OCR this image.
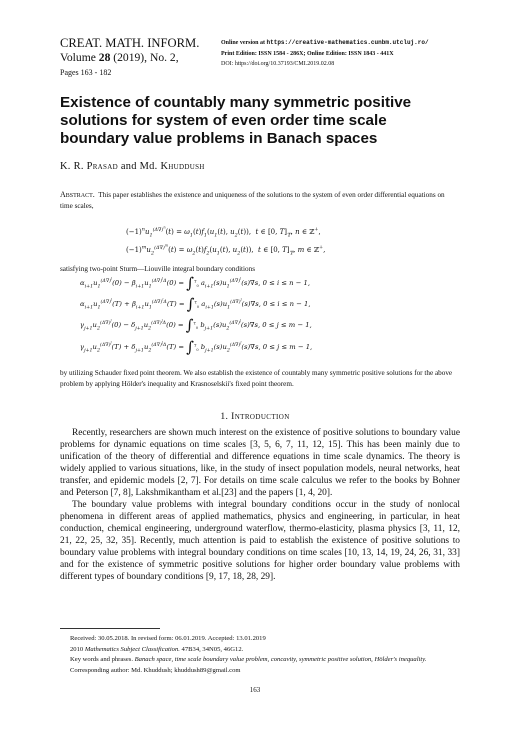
CREAT. MATH. INFORM.
Volume 28 (2019), No. 2,
Pages 163 - 182
Online version at https://creative-mathematics.cunbm.utcluj.ro/
Print Edition: ISSN 1584 - 286X; Online Edition: ISSN 1843 - 441X
DOI: https://doi.org/10.37193/CMI.2019.02.08
Existence of countably many symmetric positive solutions for system of even order time scale boundary value problems in Banach spaces
K. R. Prasad and Md. Khuddush
Abstract. This paper establishes the existence and uniqueness of the solutions to the system of even order differential equations on time scales,
$(-1)^nu_1^{(\Delta\nabla)^n}(t) = \omega_1(t)f_1(u_1(t)$, $u_2(t)$),  t ∈ [0, $T]_𝕋$, n ∈ ℤ+,
$(-1)^mu_2^{(\Delta\nabla)^m}(t) = \omega_2(t)f_2(u_1(t)$, $u_2(t)$),  t ∈ [0, $T]_𝕋$, m ∈ ℤ+,
satisfying two-point Sturm—Liouville integral boundary conditions
$\alpha_{i+1}u_1^{(\Delta\nabla)^i}(0) - \beta_{i+1}u_1^{(\Delta\nabla)^i\Delta}(0) = \int^T_0$ $a_{i+1}(s)u_1^{(\Delta\nabla)^i}(s)\nabla s$, 0 ≤ i ≤ n − 1,
$\alpha_{i+1}u_1^{(\Delta\nabla)^i}(T) + \beta_{i+1}u_1^{(\Delta\nabla)^i\Delta}(T) = \int^T_0$ $a_{i+1}(s)u_1^{(\Delta\nabla)^i}(s)\nabla s$, 0 ≤ i ≤ n − 1,
$\gamma_{j+1}u_2^{(\Delta\nabla)^j}(0) - \delta_{j+1}u_2^{(\Delta\nabla)^j\Delta}(0) = \int^T_0$ $b_{j+1}(s)u_2^{(\Delta\nabla)^j}(s)\nabla s$, 0 ≤ j ≤ m − 1,
$\gamma_{j+1}u_2^{(\Delta\nabla)^j}(T) + \delta_{j+1}u_2^{(\Delta\nabla)^j\Delta}(T) = \int^T_0$ $b_{j+1}(s)u_2^{(\Delta\nabla)^j}(s)\nabla s$, 0 ≤ j ≤ m − 1,
by utilizing Schauder fixed point theorem. We also establish the existence of countably many symmetric positive solutions for the above problem by applying Hölder's inequality and Krasnoselskii's fixed point theorem.
1. Introduction

Recently, researchers are shown much interest on the existence of positive solutions to boundary value problems for dynamic equations on time scales [3, 5, 6, 7, 11, 12, 15]. This has been mainly due to unification of the theory of differential and difference equations in time scale dynamics. The theory is widely applied to various situations, like, in the study of insect population models, neural networks, heat transfer, and epidemic models [2, 7]. For details on time scale calculus we refer to the books by Bohner and Peterson [7, 8], Lakshmikantham et al.[23] and the papers [1, 4, 20].

The boundary value problems with integral boundary conditions occur in the study of nonlocal phenomena in different areas of applied mathematics, physics and engineering, in particular, in heat conduction, chemical engineering, underground waterflow, thermo-elasticity, plasma physics [3, 11, 12, 21, 22, 25, 32, 35]. Recently, much attention is paid to establish the existence of positive solutions to boundary value problems with integral boundary conditions on time scales [10, 13, 14, 19, 24, 26, 31, 33] and for the existence of symmetric positive solutions for higher order boundary value problems with different types of boundary conditions [9, 17, 18, 28, 29].

Received: 30.05.2018. In revised form: 06.01.2019. Accepted: 13.01.2019
2010 Mathematics Subject Classification. 47B34, 34N05, 46G12.
Key words and phrases. Banach space, time scale boundary value problem, concavity, symmetric positive solution, Hölder's inequality.
Corresponding author: Md. Khuddush; khuddush89@gmail.com
163
